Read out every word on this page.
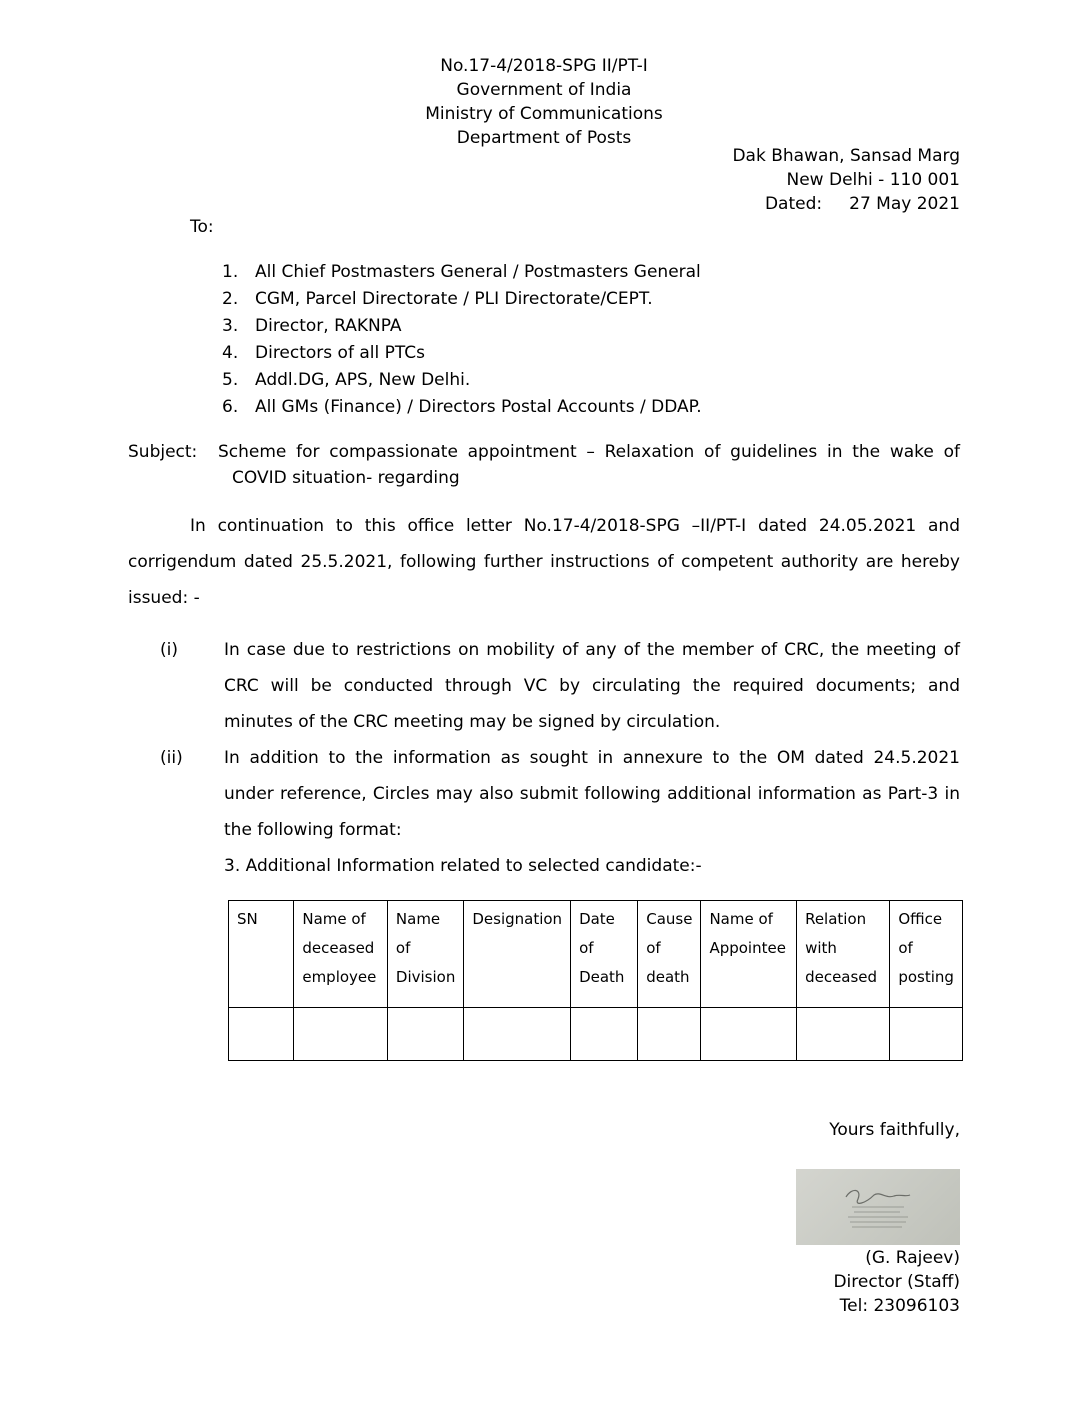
No.17-4/2018-SPG II/PT-I
Government of India
Ministry of Communications
Department of Posts
Dak Bhawan, Sansad Marg
New Delhi - 110 001
Dated: 27 May 2021
To:
1. All Chief Postmasters General / Postmasters General
2. CGM, Parcel Directorate / PLI Directorate/CEPT.
3. Director, RAKNPA
4. Directors of all PTCs
5. Addl.DG, APS, New Delhi.
6. All GMs (Finance) / Directors Postal Accounts / DDAP.
Subject: Scheme for compassionate appointment – Relaxation of guidelines in the wake of
COVID situation- regarding
In continuation to this office letter No.17-4/2018-SPG –II/PT-I dated 24.05.2021 and
corrigendum dated 25.5.2021, following further instructions of competent authority are hereby
issued: -
(i)	In case due to restrictions on mobility of any of the member of CRC, the meeting of
CRC will be conducted through VC by circulating the required documents; and
minutes of the CRC meeting may be signed by circulation.
(ii) In addition to the information as sought in annexure to the OM dated 24.5.2021
under reference, Circles may also submit following additional information as Part-3 in
the following format:
3. Additional Information related to selected candidate:-
SN	Name of deceased employee	Name of Division	Designation	Date of Death	Cause of death	Name of Appointee	Relation with deceased	Office of posting

Yours faithfully,
(G. Rajeev)
Director (Staff)
Tel: 23096103
